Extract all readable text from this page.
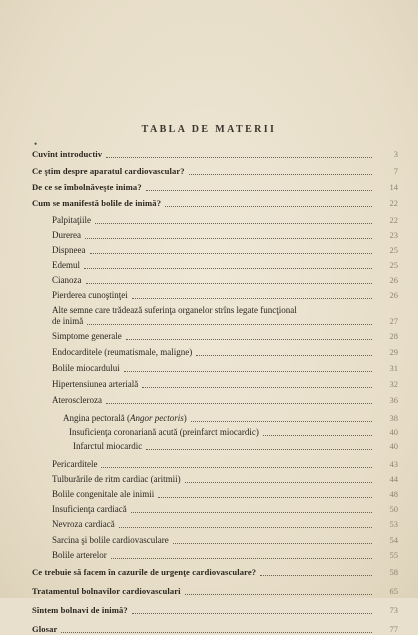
TABLA DE MATERII
•
Cuvînt introductiv	3
Ce ştim despre aparatul cardiovascular?	7
De ce se îmbolnăveşte inima?	14
Cum se manifestă bolile de inimă?	22
Palpitaţiile	22
Durerea	23
Dispneea	25
Edemul	25
Cianoza	26
Pierderea cunoştinţei	26
Alte semne care trădează suferinţa organelor strîns legate funcţional
de inimă	27
Simptome generale	28
Endocarditele (reumatismale, maligne)	29
Bolile miocardului	31
Hipertensiunea arterială	32
Ateroscleroza	36
Angina pectorală (Angor pectoris)	38
Insuficienţa coronariană acută (preinfarct miocardic)	40
Infarctul miocardic	40
Pericarditele	43
Tulburările de ritm cardiac (aritmii)	44
Bolile congenitale ale inimii	48
Insuficienţa cardiacă	50
Nevroza cardiacă	53
Sarcina şi bolile cardiovasculare	54
Bolile arterelor	55
Ce trebuie să facem în cazurile de urgenţe cardiovasculare?	58
Tratamentul bolnavilor cardiovasculari	65
Sîntem bolnavi de inimă?	73
Glosar	77
